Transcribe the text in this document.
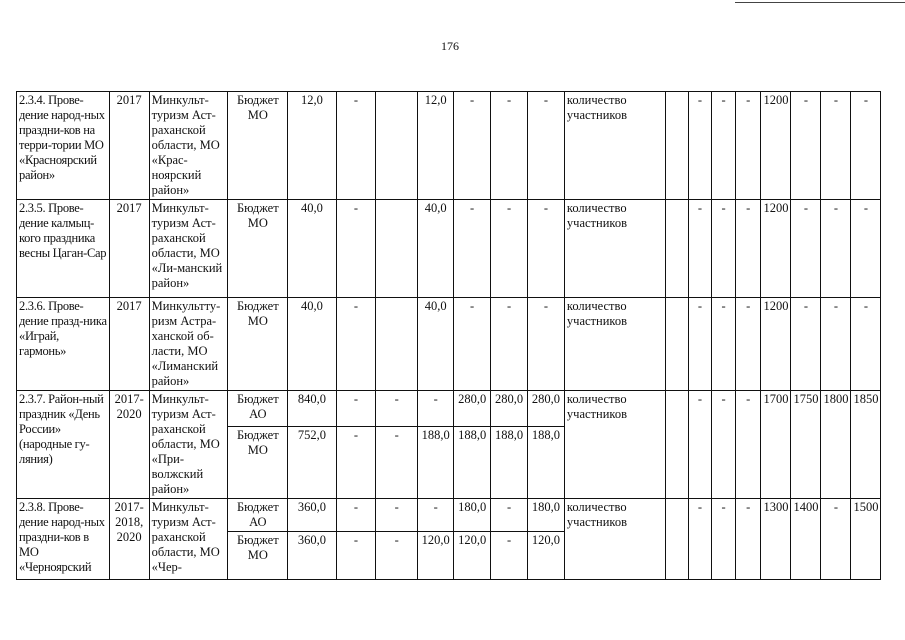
176
2.3.4. Прове-дение народ-ных праздни-ков на терри-тории МО «Красноярский район»	2017	Минкульт-туризм Аст-раханской области, МО «Крас-ноярский район»	Бюджет МО	12,0	-		12,0	-	-	-	количество участников		-	-	-	1200	-	-	-
2.3.5. Прове-дение калмыц-кого праздника весны Цаган-Сар	2017	Минкульт-туризм Аст-раханской области, МО «Ли-манский район»	Бюджет МО	40,0	-		40,0	-	-	-	количество участников		-	-	-	1200	-	-	-
2.3.6. Прове-дение празд-ника «Играй, гармонь»	2017	Минкультту-ризм Астра-ханской об-ласти, МО «Лиманский район»	Бюджет МО	40,0	-		40,0	-	-	-	количество участников		-	-	-	1200	-	-	-
2.3.7. Район-ный праздник «День России» (народные гу-ляния)	2017-2020	Минкульт-туризм Аст-раханской области, МО «При-волжский район»	Бюджет АО	840,0	-	-	-	280,0	280,0	280,0	количество участников		-	-	-	1700	1750	1800	1850
			Бюджет МО	752,0	-	-	188,0	188,0	188,0	188,0									
2.3.8. Прове-дение народ-ных праздни-ков в МО «Черноярский	2017-2018, 2020	Минкульт-туризм Аст-раханской области, МО «Чер-	Бюджет АО	360,0	-	-	-	180,0	-	180,0	количество участников		-	-	-	1300	1400	-	1500
			Бюджет МО	360,0	-	-	120,0	120,0	-	120,0									
